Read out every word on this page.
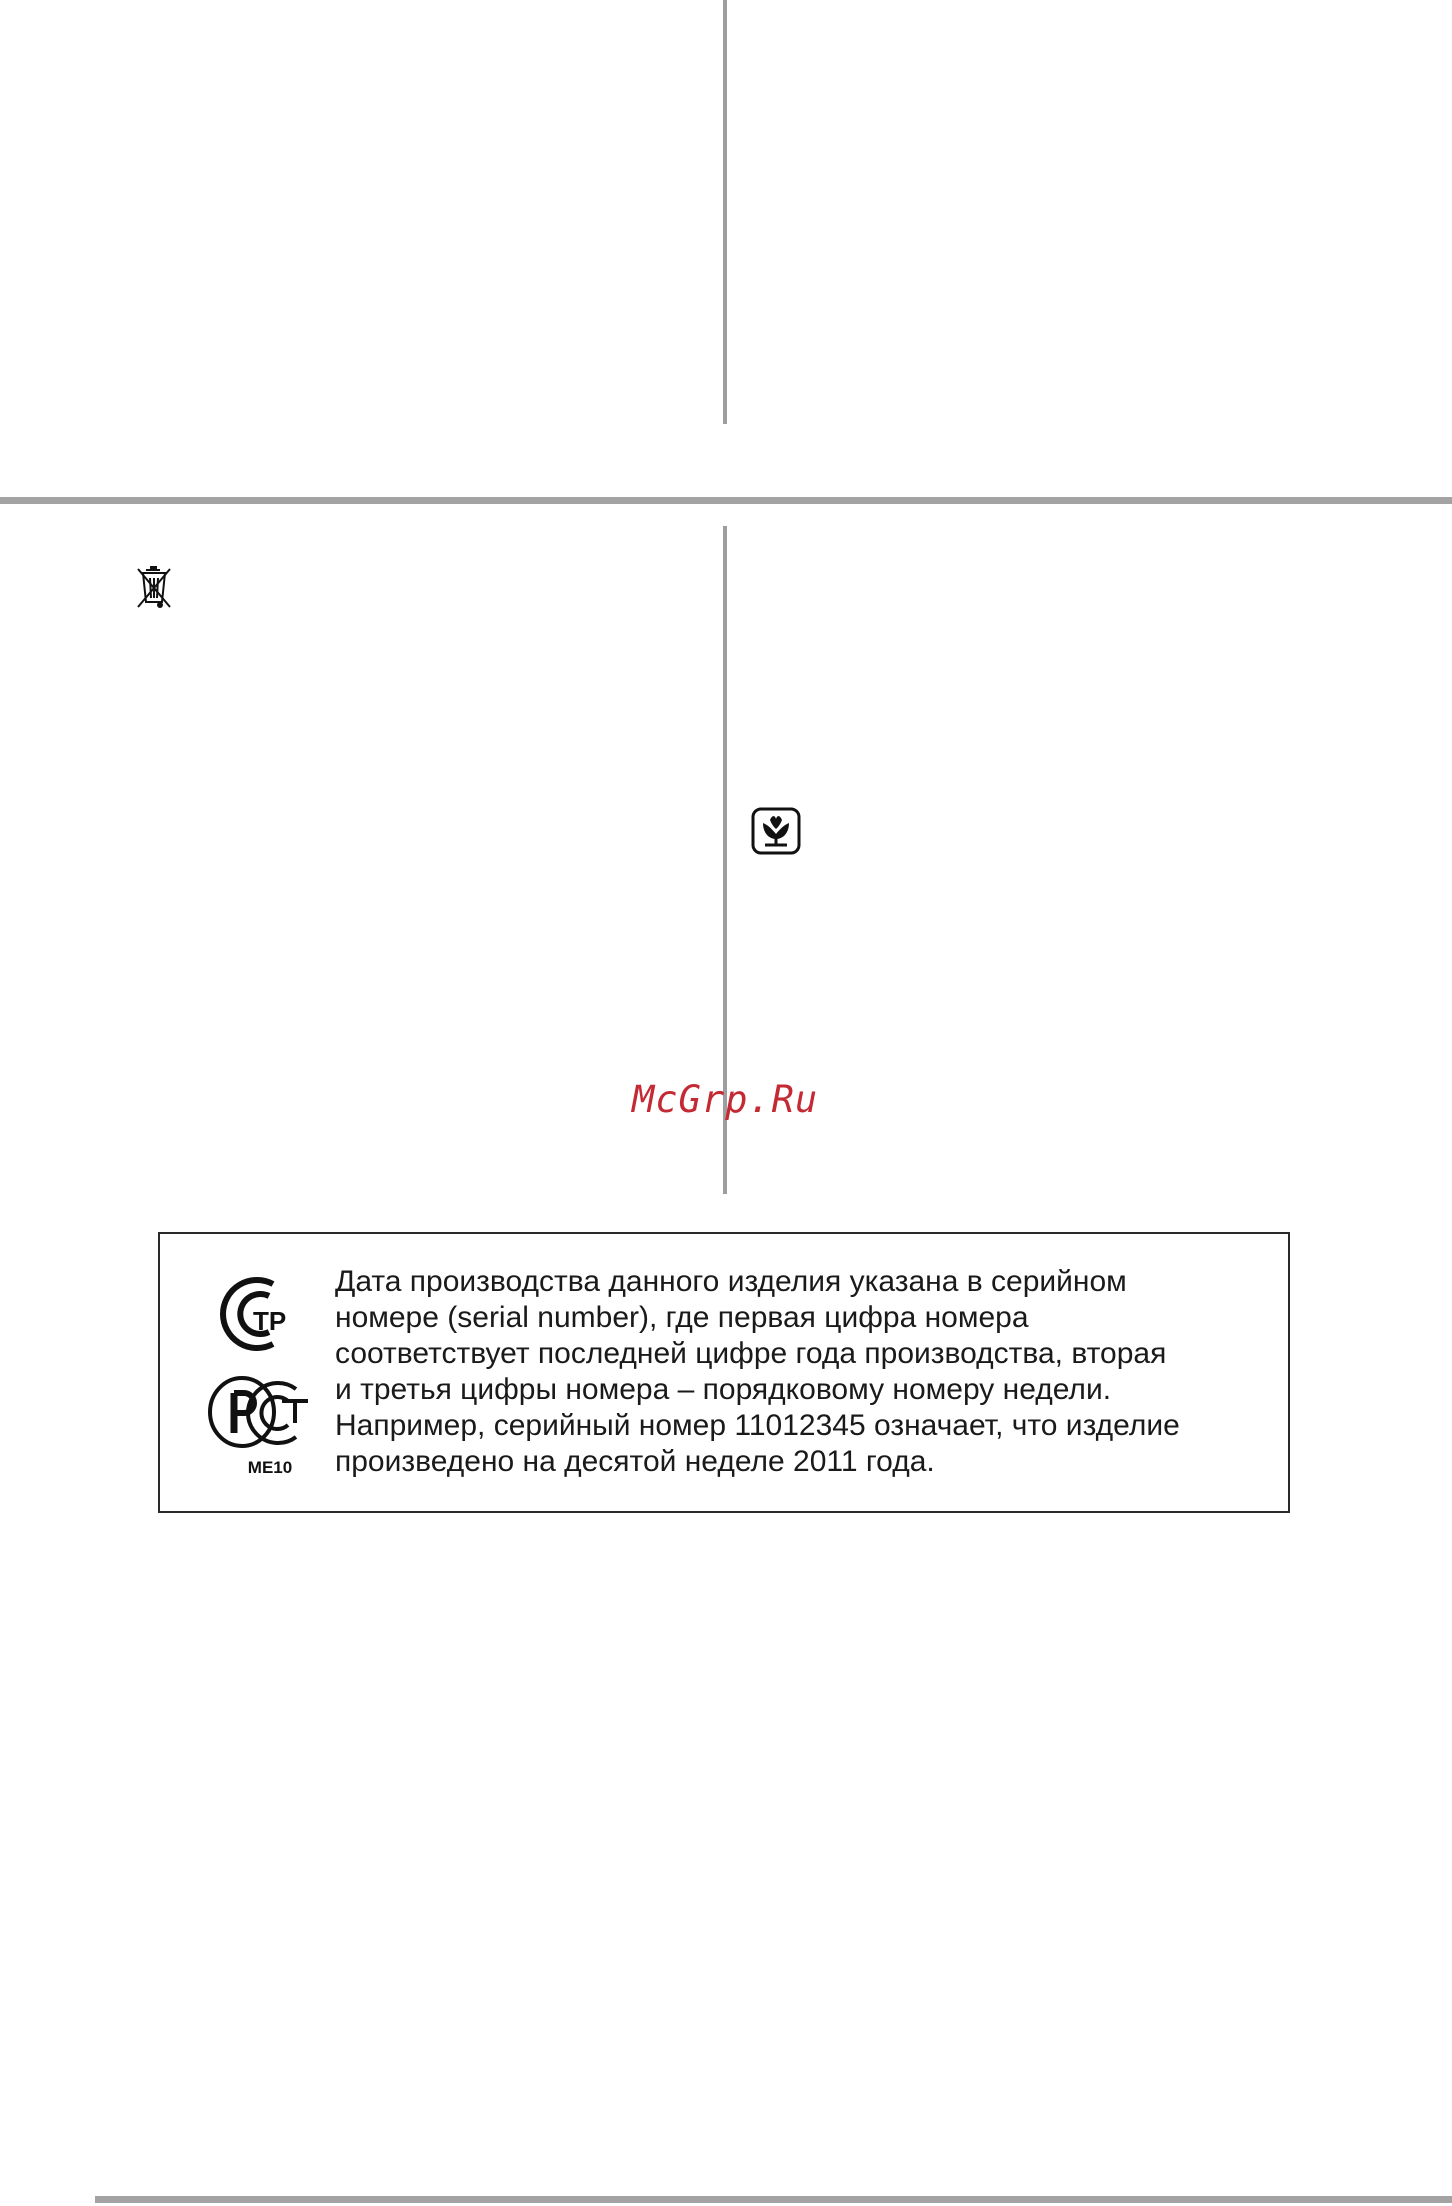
McGrp.Ru
ТР
ME10
Дата производства данного изделия указана в серийном
номере (serial number), где первая цифра номера
соответствует последней цифре года производства, вторая
и третья цифры номера – порядковому номеру недели.
Например, серийный номер 11012345 означает, что изделие
произведено на десятой неделе 2011 года.
